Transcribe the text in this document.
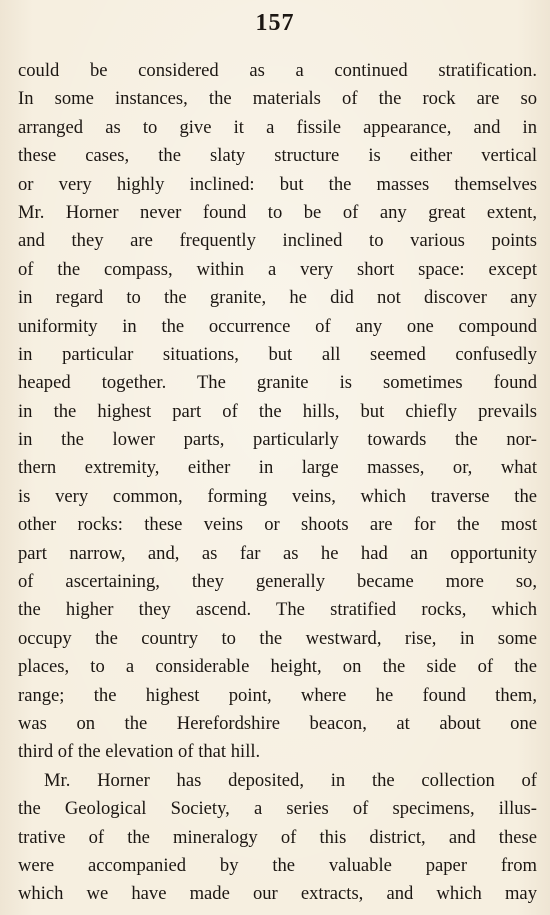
157
could be considered as a continued stratification.
In some instances, the materials of the rock are so
arranged as to give it a fissile appearance, and in
these cases, the slaty structure is either vertical
or very highly inclined: but the masses themselves
Mr. Horner never found to be of any great extent,
and they are frequently inclined to various points
of the compass, within a very short space: except
in regard to the granite, he did not discover any
uniformity in the occurrence of any one compound
in particular situations, but all seemed confusedly
heaped together. The granite is sometimes found
in the highest part of the hills, but chiefly prevails
in the lower parts, particularly towards the nor-
thern extremity, either in large masses, or, what
is very common, forming veins, which traverse the
other rocks: these veins or shoots are for the most
part narrow, and, as far as he had an opportunity
of ascertaining, they generally became more so,
the higher they ascend. The stratified rocks, which
occupy the country to the westward, rise, in some
places, to a considerable height, on the side of the
range; the highest point, where he found them,
was on the Herefordshire beacon, at about one
third of the elevation of that hill.
Mr. Horner has deposited, in the collection of
the Geological Society, a series of specimens, illus-
trative of the mineralogy of this district, and these
were accompanied by the valuable paper from
which we have made our extracts, and which may
